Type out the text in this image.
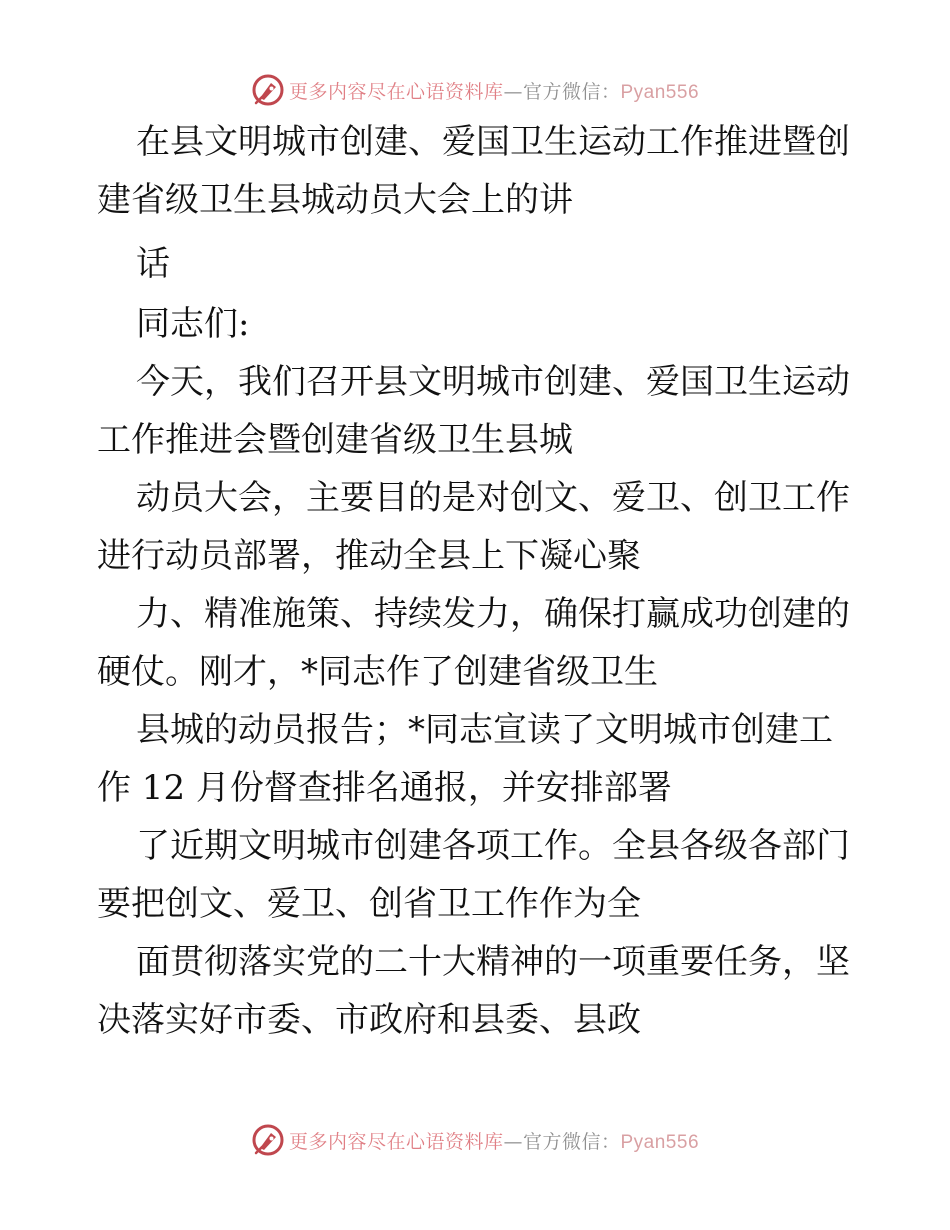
更多内容尽在心语资料库—官方微信：Pyan556
在县文明城市创建、爱国卫生运动工作推进暨创
建省级卫生县城动员大会上的讲
话
同志们:
今天，我们召开县文明城市创建、爱国卫生运动
工作推进会暨创建省级卫生县城
动员大会，主要目的是对创文、爱卫、创卫工作
进行动员部署，推动全县上下凝心聚
力、精准施策、持续发力，确保打赢成功创建的
硬仗。刚才，*同志作了创建省级卫生
县城的动员报告；*同志宣读了文明城市创建工
作 12 月份督查排名通报，并安排部署
了近期文明城市创建各项工作。全县各级各部门
要把创文、爱卫、创省卫工作作为全
面贯彻落实党的二十大精神的一项重要任务，坚
决落实好市委、市政府和县委、县政
更多内容尽在心语资料库—官方微信：Pyan556
